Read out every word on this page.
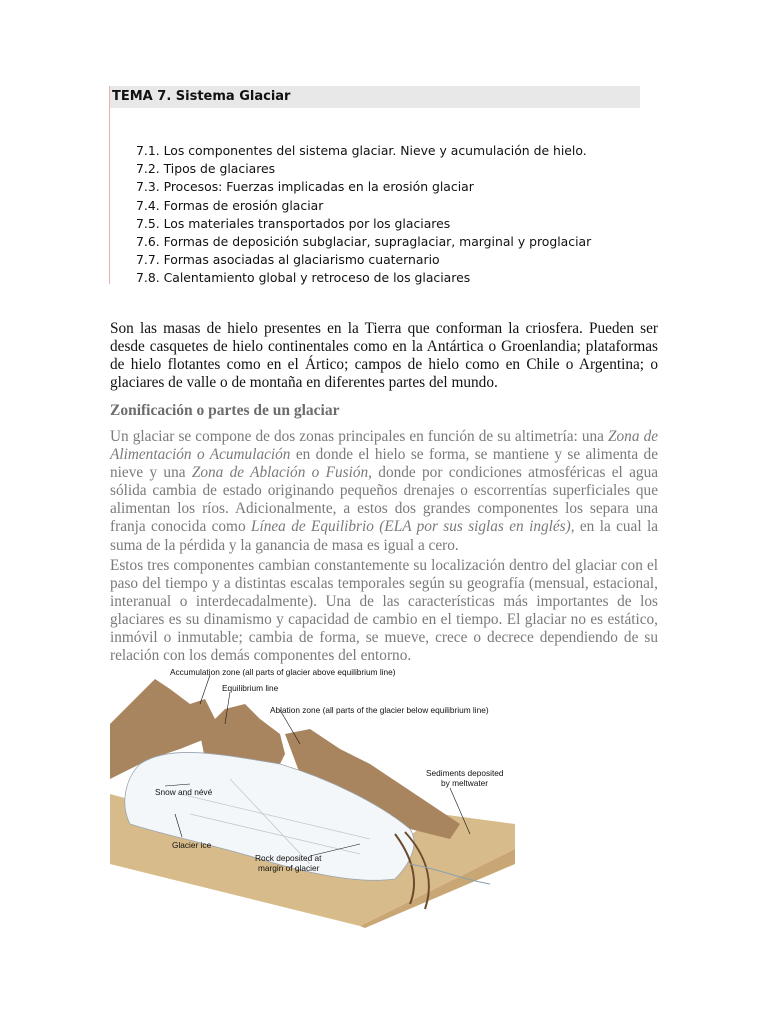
TEMA 7. Sistema Glaciar
7.1. Los componentes del sistema glaciar. Nieve y acumulación de hielo.
7.2. Tipos de glaciares
7.3. Procesos: Fuerzas implicadas en la erosión glaciar
7.4. Formas de erosión glaciar
7.5. Los materiales transportados por los glaciares
7.6. Formas de deposición subglaciar, supraglaciar, marginal y proglaciar
7.7. Formas asociadas al glaciarismo cuaternario
7.8. Calentamiento global y retroceso de los glaciares

Son las masas de hielo presentes en la Tierra que conforman la criosfera. Pueden ser desde casquetes de hielo continentales como en la Antártica o Groenlandia; plataformas de hielo flotantes como en el Ártico; campos de hielo como en Chile o Argentina; o glaciares de valle o de montaña en diferentes partes del mundo.

Zonificación o partes de un glaciar

Un glaciar se compone de dos zonas principales en función de su altimetría: una Zona de Alimentación o Acumulación en donde el hielo se forma, se mantiene y se alimenta de nieve y una Zona de Ablación o Fusión, donde por condiciones atmosféricas el agua sólida cambia de estado originando pequeños drenajes o escorrentías superficiales que alimentan los ríos. Adicionalmente, a estos dos grandes componentes los separa una franja conocida como Línea de Equilibrio (ELA por sus siglas en inglés), en la cual la suma de la pérdida y la ganancia de masa es igual a cero.

Estos tres componentes cambian constantemente su localización dentro del glaciar con el paso del tiempo y a distintas escalas temporales según su geografía (mensual, estacional, interanual o interdecadalmente). Una de las características más importantes de los glaciares es su dinamismo y capacidad de cambio en el tiempo. El glaciar no es estático, inmóvil o inmutable; cambia de forma, se mueve, crece o decrece dependiendo de su relación con los demás componentes del entorno.

Accumulation zone (all parts of glacier above equilibrium line)
Equilibrium line
Ablation zone (all parts of the glacier below equilibrium line)
Sediments deposited
by meltwater
Snow and névé
Glacier ice
Rock deposited at
margin of glacier
